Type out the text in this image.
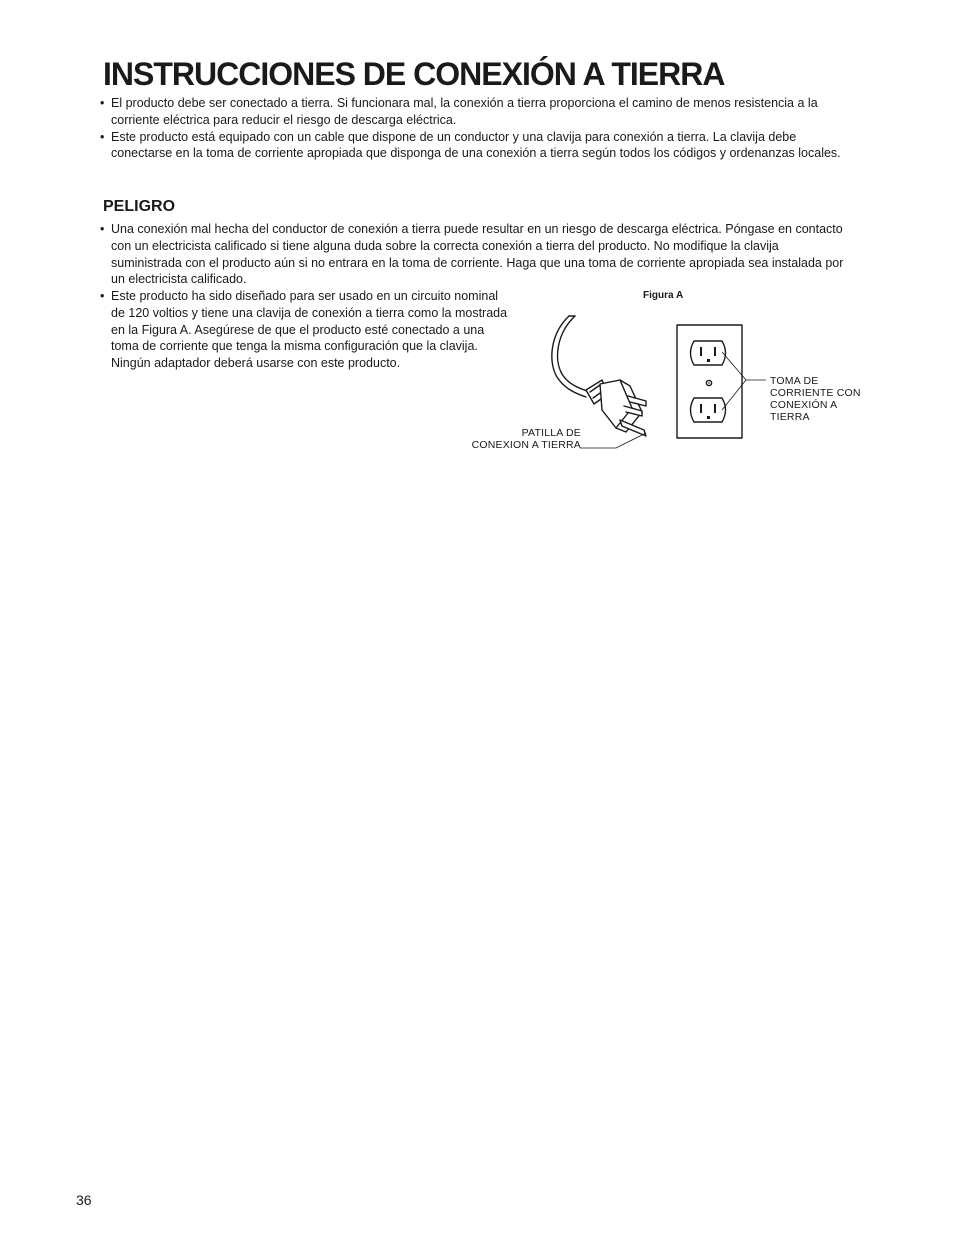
INSTRUCCIONES DE CONEXIÓN A TIERRA
• El producto debe ser conectado a tierra. Si funcionara mal, la conexión a tierra proporciona el camino de menos resistencia a la corriente eléctrica para reducir el riesgo de descarga eléctrica.
• Este producto está equipado con un cable que dispone de un conductor y una clavija para conexión a tierra. La clavija debe conectarse en la toma de corriente apropiada que disponga de una conexión a tierra según todos los códigos y ordenanzas locales.
PELIGRO
• Una conexión mal hecha del conductor de conexión a tierra puede resultar en un riesgo de descarga eléctrica. Póngase en contacto con un electricista calificado si tiene alguna duda sobre la correcta conexión a tierra del producto. No modifique la clavija suministrada con el producto aún si no entrara en la toma de corriente. Haga que una toma de corriente apropiada sea instalada por un electricista calificado.
• Este producto ha sido diseñado para ser usado en un circuito nominal de 120 voltios y tiene una clavija de conexión a tierra como la mostrada en la Figura A. Asegúrese de que el producto esté conectado a una toma de corriente que tenga la misma configuración que la clavija. Ningún adaptador deberá usarse con este producto.
Figura A
PATILLA DE CONEXION A TIERRA
TOMA DE CORRIENTE CON CONEXIÓN A TIERRA
36
